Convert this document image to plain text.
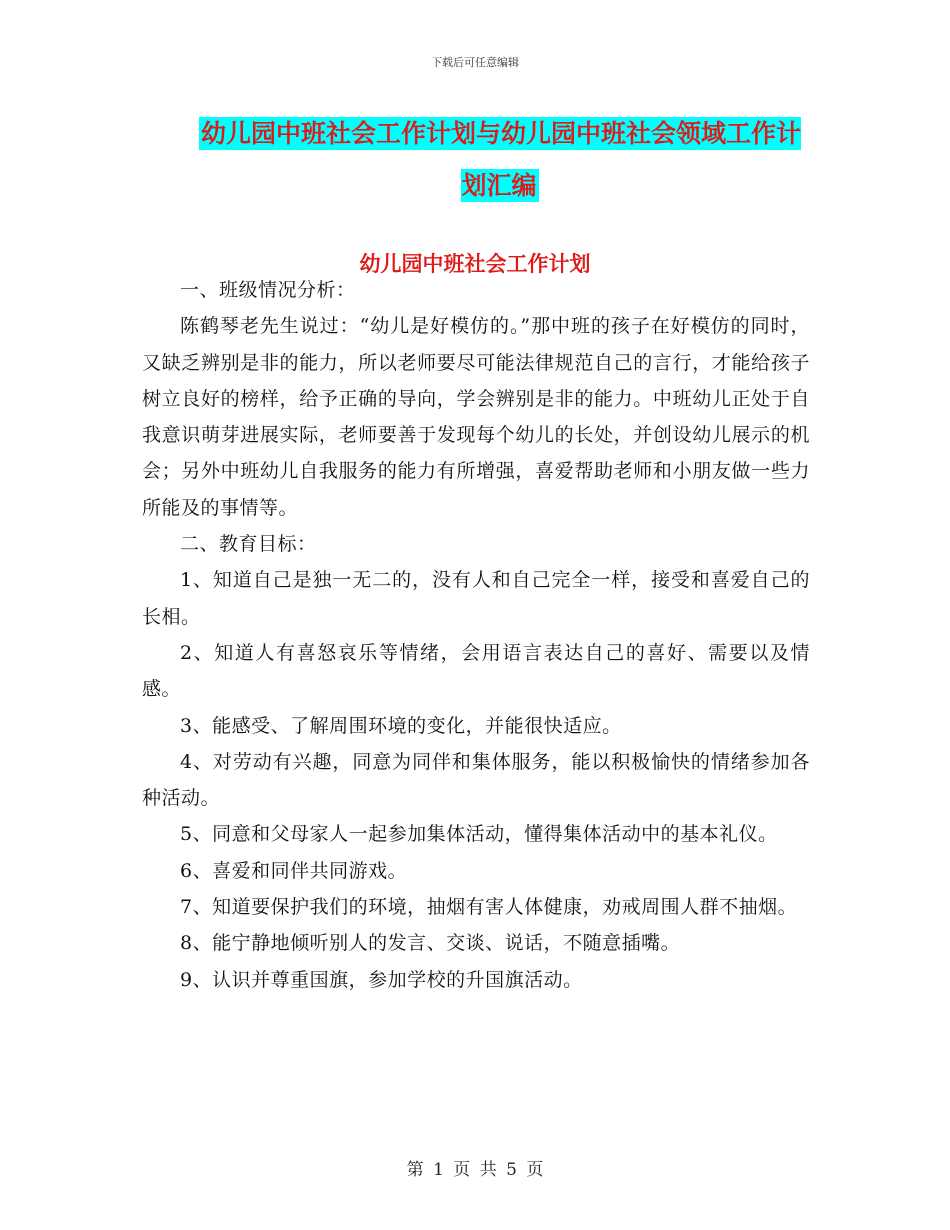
下载后可任意编辑
幼儿园中班社会工作计划与幼儿园中班社会领域工作计划汇编
幼儿园中班社会工作计划

一、班级情况分析：

陈鹤琴老先生说过：“幼儿是好模仿的。”那中班的孩子在好模仿的同时，又缺乏辨别是非的能力，所以老师要尽可能法律规范自己的言行，才能给孩子树立良好的榜样，给予正确的导向，学会辨别是非的能力。中班幼儿正处于自我意识萌芽进展实际，老师要善于发现每个幼儿的长处，并创设幼儿展示的机会；另外中班幼儿自我服务的能力有所增强，喜爱帮助老师和小朋友做一些力所能及的事情等。

二、教育目标：

1、知道自己是独一无二的，没有人和自己完全一样，接受和喜爱自己的长相。

2、知道人有喜怒哀乐等情绪，会用语言表达自己的喜好、需要以及情感。

3、能感受、了解周围环境的变化，并能很快适应。

4、对劳动有兴趣，同意为同伴和集体服务，能以积极愉快的情绪参加各种活动。

5、同意和父母家人一起参加集体活动，懂得集体活动中的基本礼仪。

6、喜爱和同伴共同游戏。

7、知道要保护我们的环境，抽烟有害人体健康，劝戒周围人群不抽烟。

8、能宁静地倾听别人的发言、交谈、说话，不随意插嘴。

9、认识并尊重国旗，参加学校的升国旗活动。

第 1 页 共 5 页
